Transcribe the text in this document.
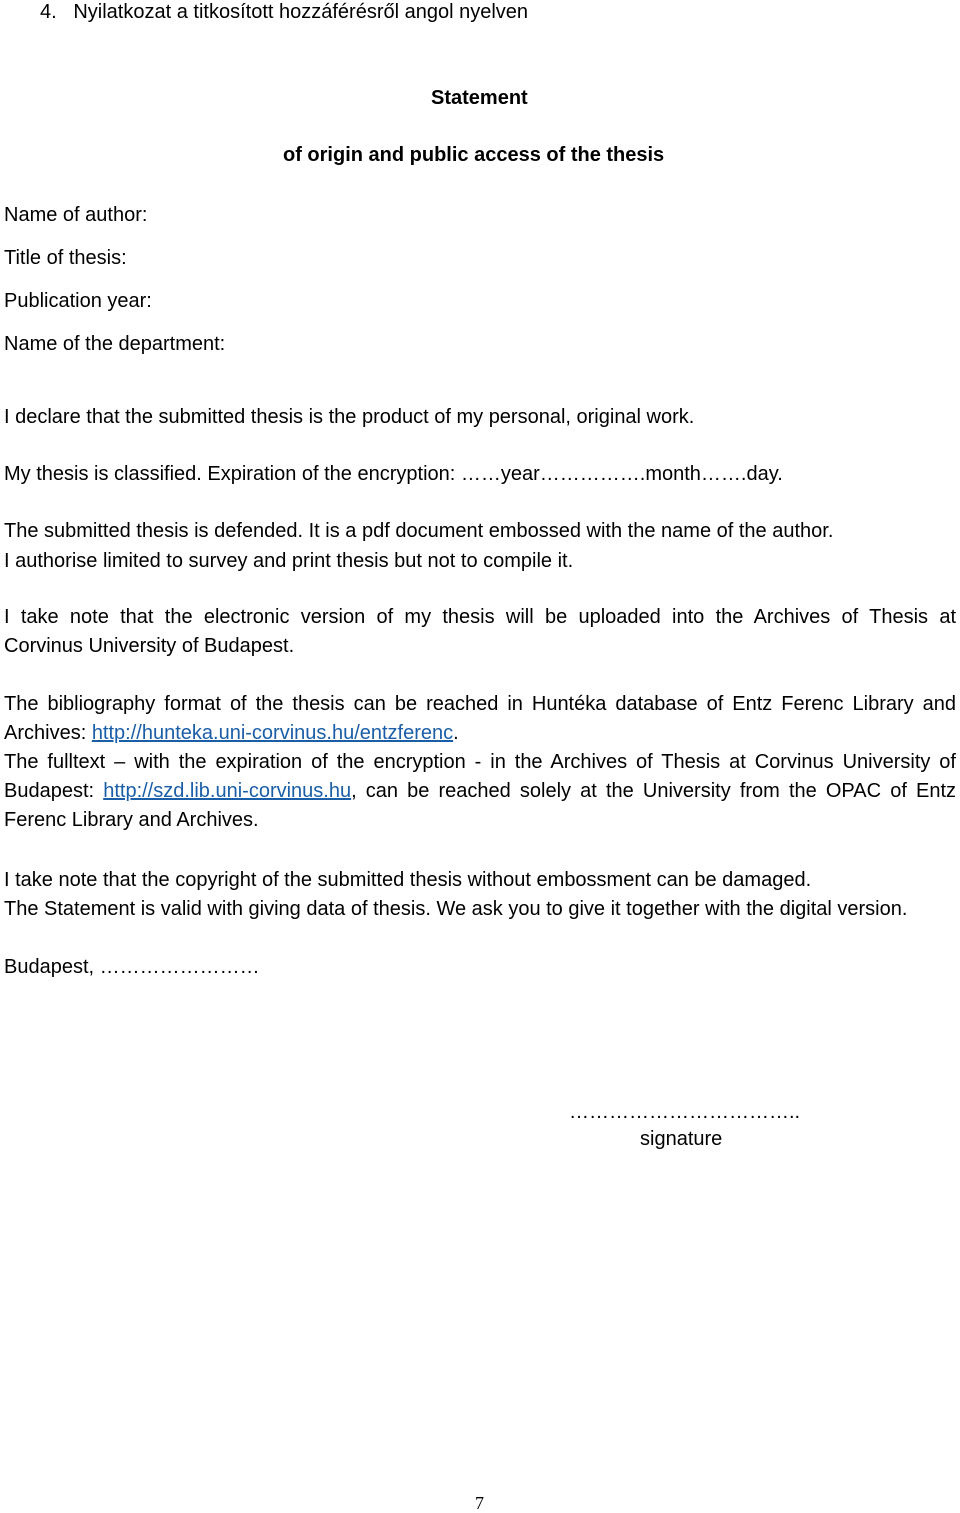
4.   Nyilatkozat a titkosított hozzáférésről angol nyelven
Statement
of origin and public access of the thesis
Name of author:
Title of thesis:
Publication year:
Name of the department:
I declare that the submitted thesis is the product of my personal, original work.
My thesis is classified. Expiration of the encryption: ……year…………….month…….day.
The submitted thesis is defended. It is a pdf document embossed with the name of the author.
I authorise limited to survey and print thesis but not to compile it.
I take note that the electronic version of my thesis will be uploaded into the Archives of Thesis at
Corvinus University of Budapest.
The bibliography format of the thesis can be reached in Huntéka database of Entz Ferenc Library and
Archives: http://hunteka.uni-corvinus.hu/entzferenc.
The fulltext – with the expiration of the encryption - in the Archives of Thesis at Corvinus University of
Budapest: http://szd.lib.uni-corvinus.hu, can be reached solely at the University from the OPAC of Entz
Ferenc Library and Archives.
I take note that the copyright of the submitted thesis without embossment can be damaged.
The Statement is valid with giving data of thesis. We ask you to give it together with the digital version.
Budapest, ……………………
……………………………..
signature
7
